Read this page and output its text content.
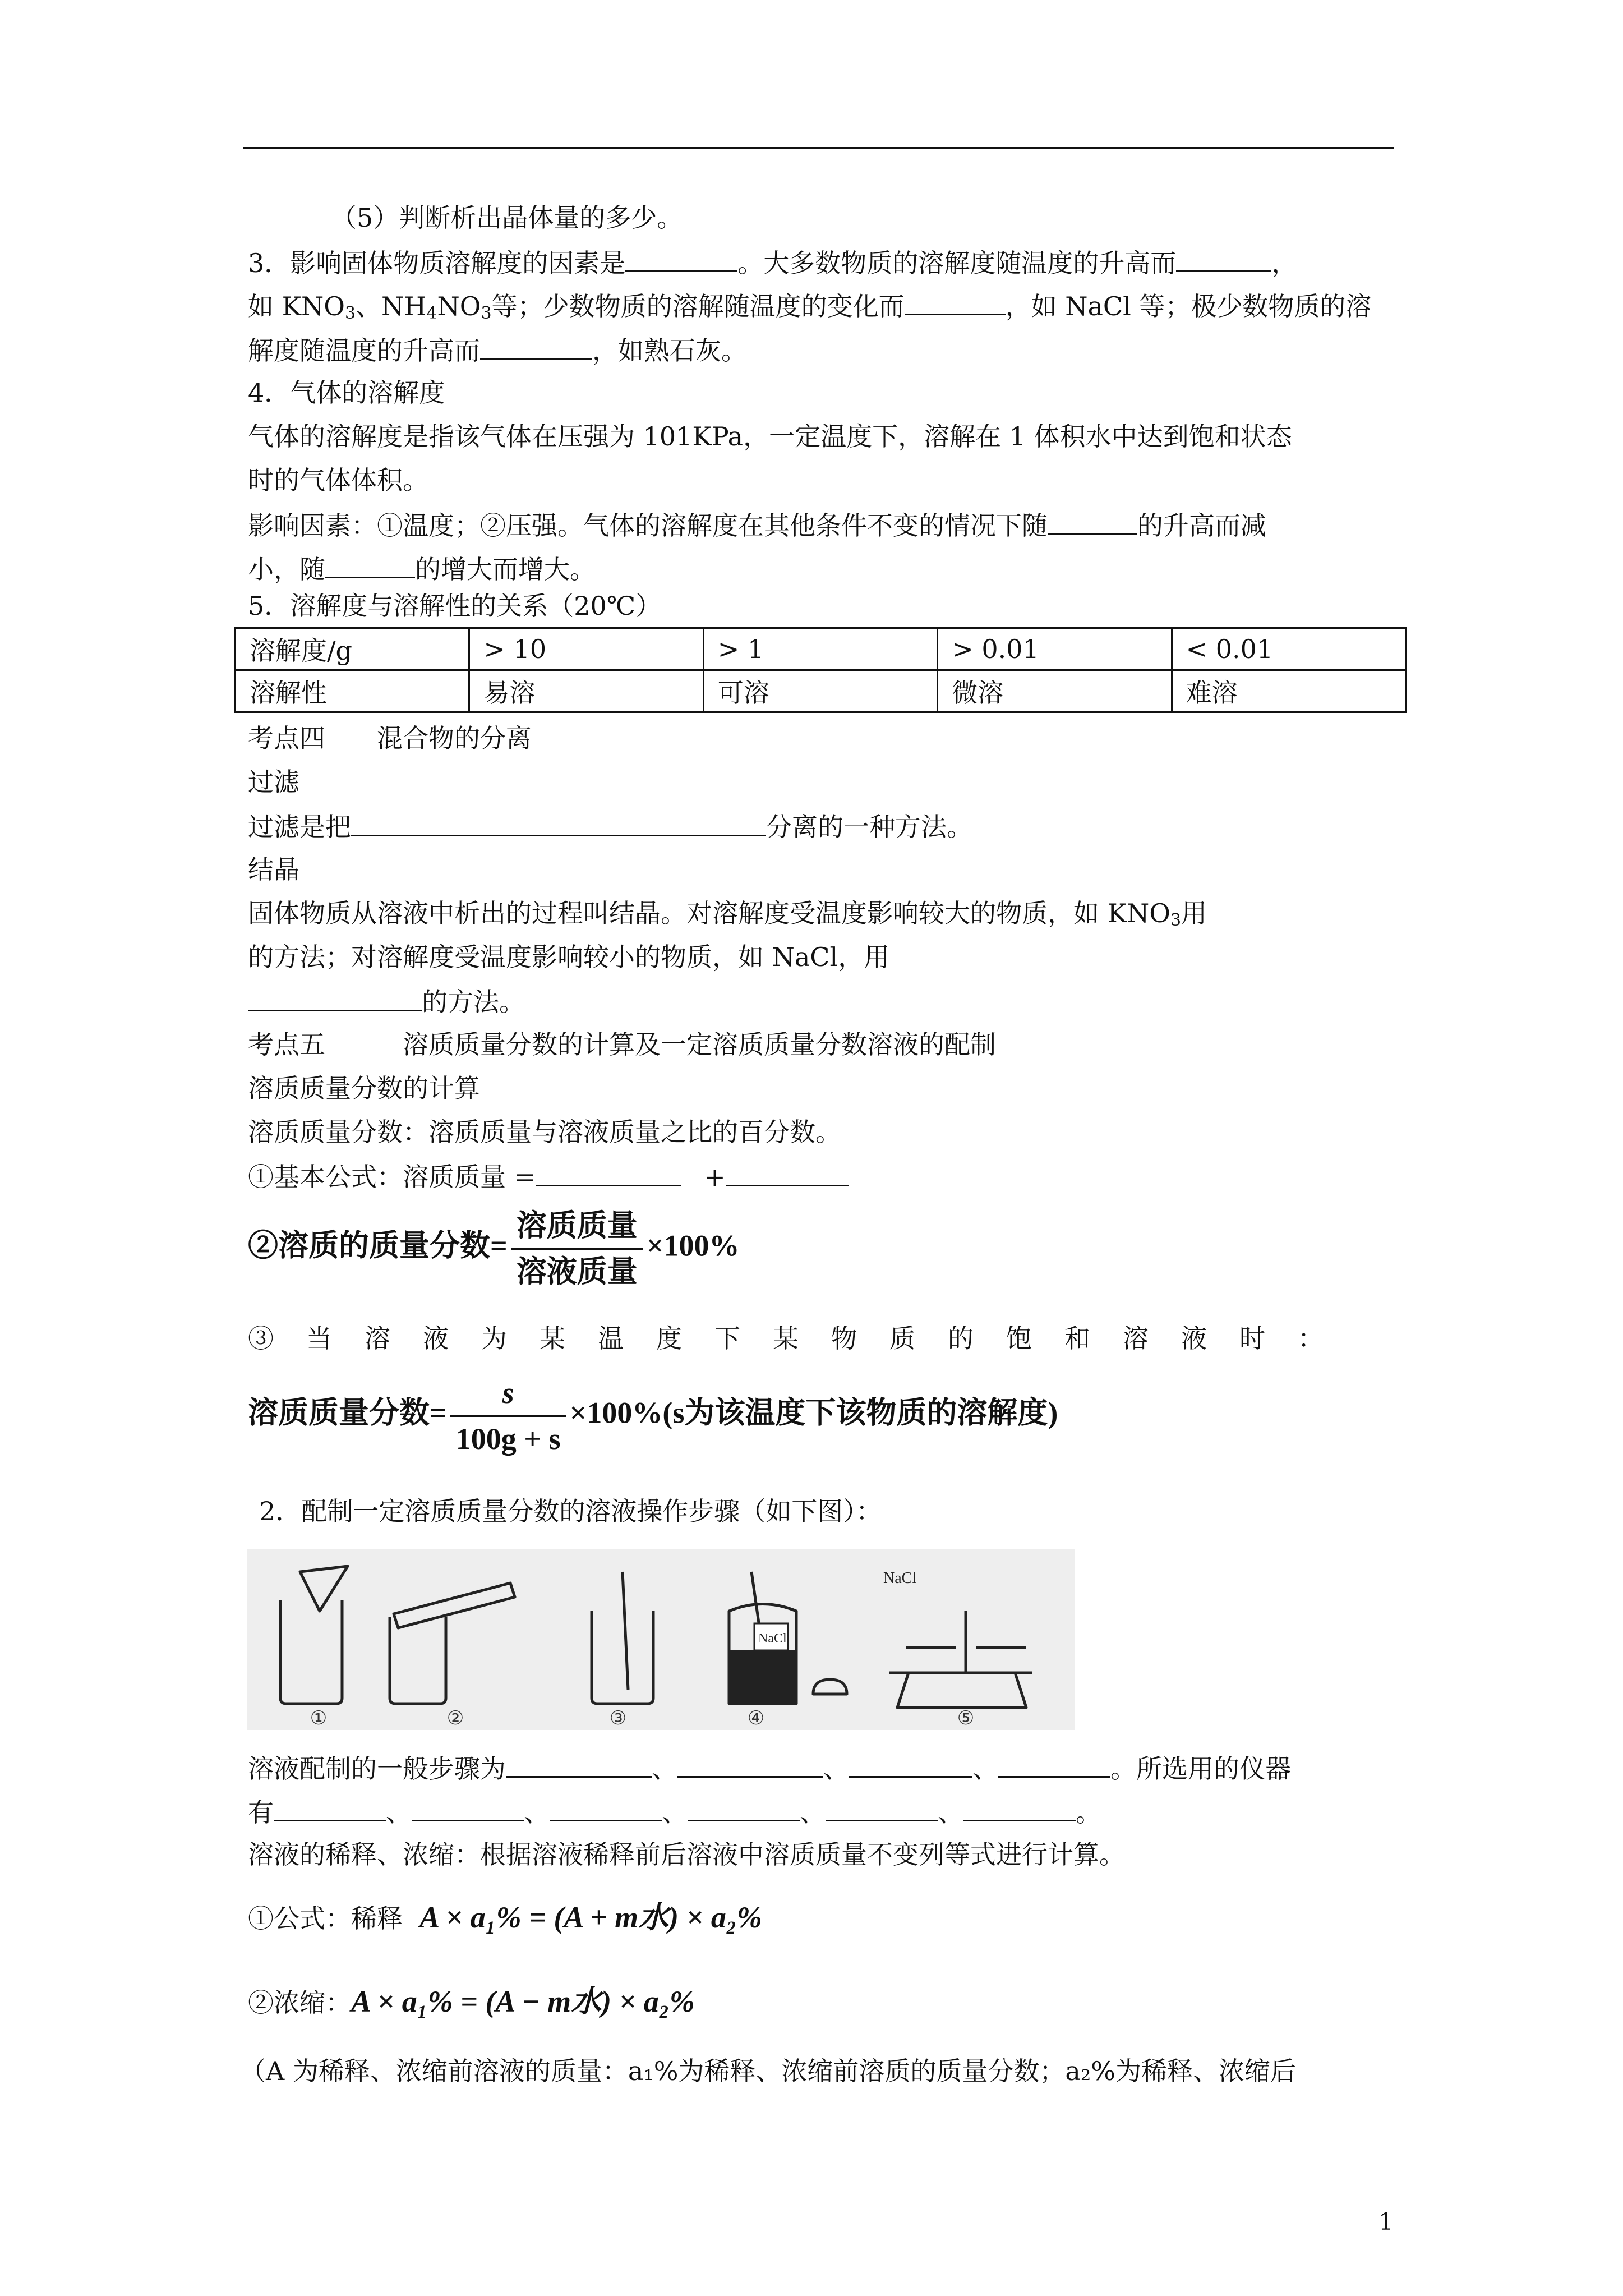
（5）判断析出晶体量的多少。
3．影响固体物质溶解度的因素是	。大多数物质的溶解度随温度的升高而	，
如 $KNO_3$、$NH_4NO_3$等；少数物质的溶解随温度的变化而	，如 NaCl 等；极少数物质的溶
解度随温度的升高而	，如熟石灰。
4．气体的溶解度
气体的溶解度是指该气体在压强为 101KPa，一定温度下，溶解在 1 体积水中达到饱和状态
时的气体体积。
影响因素：①温度；②压强。气体的溶解度在其他条件不变的情况下随	的升高而减
小，随	的增大而增大。
5．溶解度与溶解性的关系（20℃）
溶解度/g	> 10	> 1	> 0.01	< 0.01
溶解性	易溶	可溶	微溶	难溶
考点四　　混合物的分离
过滤
过滤是把	分离的一种方法。
结晶
固体物质从溶液中析出的过程叫结晶。对溶解度受温度影响较大的物质，如 $KNO_3$用
的方法；对溶解度受温度影响较小的物质，如 NaCl，用
的方法。
考点五　　　溶质质量分数的计算及一定溶质质量分数溶液的配制
溶质质量分数的计算
溶质质量分数：溶质质量与溶液质量之比的百分数。
①基本公式：溶质质量 =	+
②溶质的质量分数= $\frac{\text{溶质质量}}{\text{溶液质量}} \times 100\%$
③　当　溶　液　为　某　温　度　下　某　物　质　的　饱　和　溶　液　时　：
溶质质量分数= $\frac{s}{100g + s} \times 100\%(s$为该温度下该物质的溶解度)
2．配制一定溶质质量分数的溶液操作步骤（如下图）：
NaCl
NaCl
①	②	③	④	⑤
溶液配制的一般步骤为	、	、	、	。所选用的仪器
有	、	、	、	、	、	。
溶液的稀释、浓缩：根据溶液稀释前后溶液中溶质质量不变列等式进行计算。
①公式：稀释 A × a₁% = (A + m水) × a₂%
②浓缩：A × a₁% = (A − m水) × a₂%
（A 为稀释、浓缩前溶液的质量：a₁%为稀释、浓缩前溶质的质量分数；a₂%为稀释、浓缩后
1
